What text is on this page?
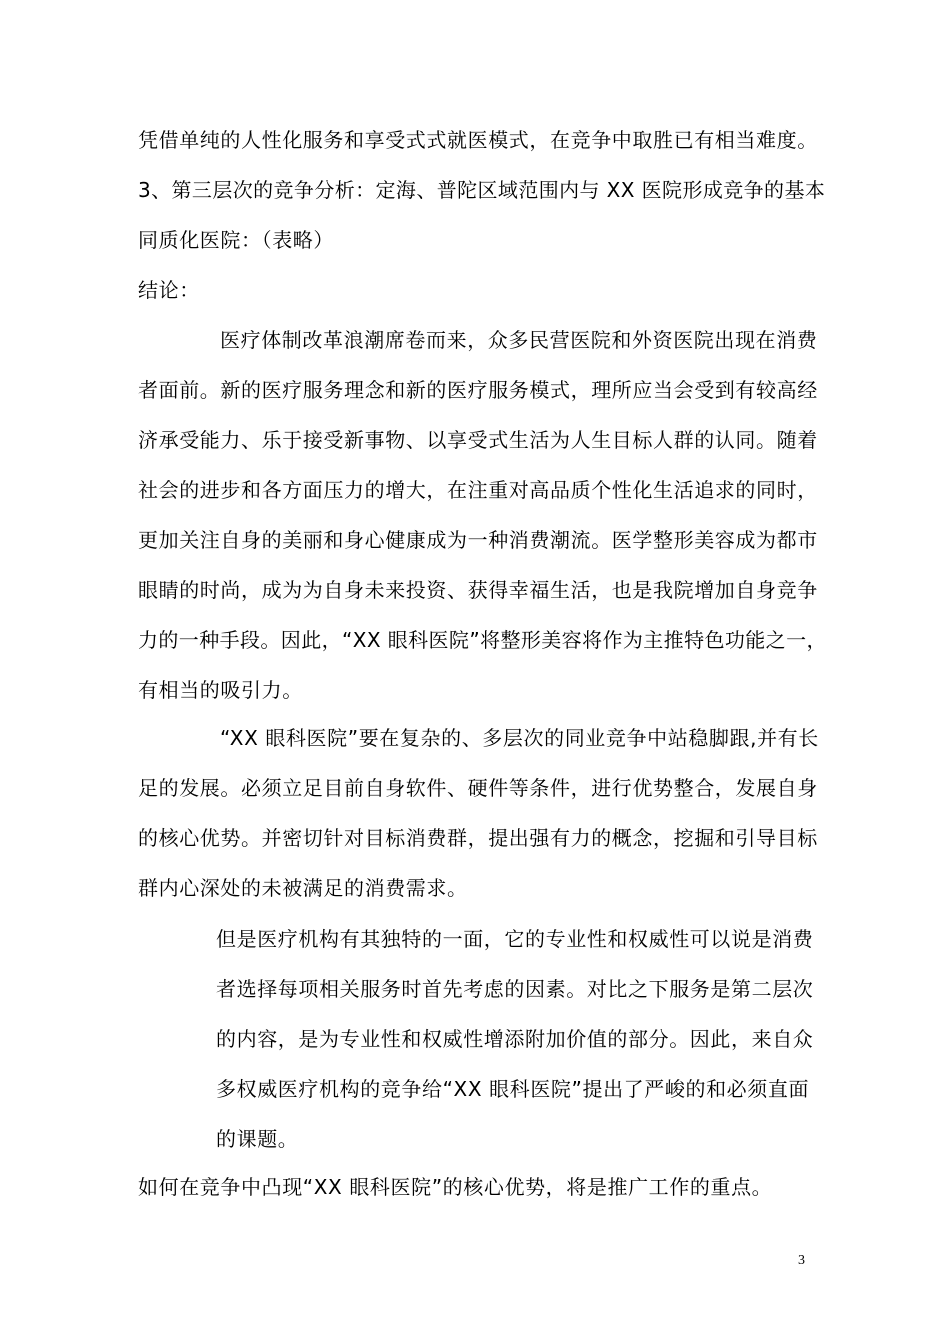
凭借单纯的人性化服务和享受式式就医模式，在竞争中取胜已有相当难度。
3、第三层次的竞争分析：定海、普陀区域范围内与 XX 医院形成竞争的基本
同质化医院：（表略）
结论：
医疗体制改革浪潮席卷而来，众多民营医院和外资医院出现在消费
者面前。新的医疗服务理念和新的医疗服务模式，理所应当会受到有较高经
济承受能力、乐于接受新事物、以享受式生活为人生目标人群的认同。随着
社会的进步和各方面压力的增大，在注重对高品质个性化生活追求的同时，
更加关注自身的美丽和身心健康成为一种消费潮流。医学整形美容成为都市
眼睛的时尚，成为为自身未来投资、获得幸福生活，也是我院增加自身竞争
力的一种手段。因此，“XX 眼科医院”将整形美容将作为主推特色功能之一，
有相当的吸引力。
“XX 眼科医院”要在复杂的、多层次的同业竞争中站稳脚跟,并有长
足的发展。必须立足目前自身软件、硬件等条件，进行优势整合，发展自身
的核心优势。并密切针对目标消费群，提出强有力的概念，挖掘和引导目标
群内心深处的未被满足的消费需求。
但是医疗机构有其独特的一面，它的专业性和权威性可以说是消费
者选择每项相关服务时首先考虑的因素。对比之下服务是第二层次
的内容，是为专业性和权威性增添附加价值的部分。因此，来自众
多权威医疗机构的竞争给“XX 眼科医院”提出了严峻的和必须直面
的课题。
如何在竞争中凸现“XX 眼科医院”的核心优势，将是推广工作的重点。
3
